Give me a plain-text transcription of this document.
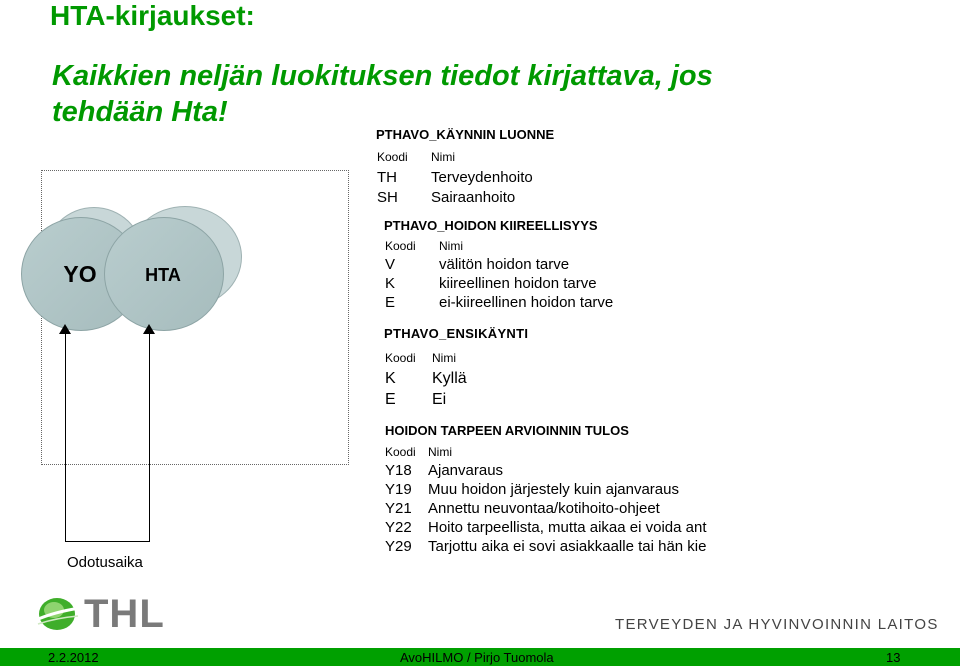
HTA-kirjaukset:
Kaikkien neljän luokituksen tiedot kirjattava, jos tehdään Hta!
YO	HTA
Odotusaika
PTHAVO_KÄYNNIN LUONNE
Koodi	Nimi
TH	Terveydenhoito
SH	Sairaanhoito
PTHAVO_HOIDON KIIREELLISYYS
Koodi	Nimi
V	välitön hoidon tarve
K	kiireellinen hoidon tarve
E	ei-kiireellinen hoidon tarve
PTHAVO_ENSIKÄYNTI
Koodi	Nimi
K	Kyllä
E	Ei
HOIDON TARPEEN ARVIOINNIN TULOS
Koodi	Nimi
Y18	Ajanvaraus
Y19	Muu hoidon järjestely kuin ajanvaraus
Y21	Annettu neuvontaa/kotihoito-ohjeet
Y22	Hoito tarpeellista, mutta aikaa ei voida ant
Y29	Tarjottu aika ei sovi asiakkaalle tai hän kie
THL	TERVEYDEN JA HYVINVOINNIN LAITOS
2.2.2012	AvoHILMO / Pirjo Tuomola	13
